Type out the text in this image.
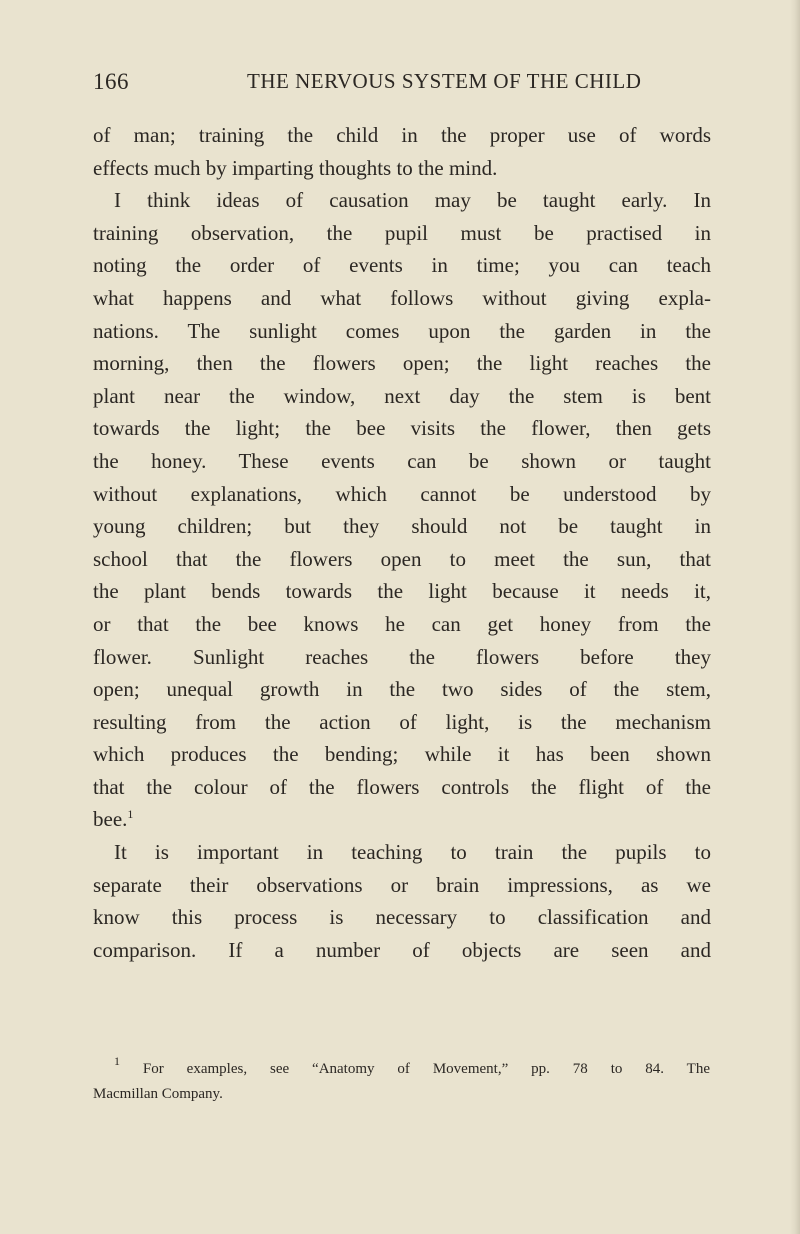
166	THE NERVOUS SYSTEM OF THE CHILD
of man; training the child in the proper use of words
effects much by imparting thoughts to the mind.
I think ideas of causation may be taught early. In
training observation, the pupil must be practised in
noting the order of events in time; you can teach
what happens and what follows without giving expla-
nations. The sunlight comes upon the garden in the
morning, then the flowers open; the light reaches the
plant near the window, next day the stem is bent
towards the light; the bee visits the flower, then gets
the honey. These events can be shown or taught
without explanations, which cannot be understood by
young children; but they should not be taught in
school that the flowers open to meet the sun, that
the plant bends towards the light because it needs it,
or that the bee knows he can get honey from the
flower. Sunlight reaches the flowers before they
open; unequal growth in the two sides of the stem,
resulting from the action of light, is the mechanism
which produces the bending; while it has been shown
that the colour of the flowers controls the flight of the
bee.$^1$
It is important in teaching to train the pupils to
separate their observations or brain impressions, as we
know this process is necessary to classification and
comparison. If a number of objects are seen and
$^1$ For examples, see “Anatomy of Movement,” pp. 78 to 84. The
Macmillan Company.
